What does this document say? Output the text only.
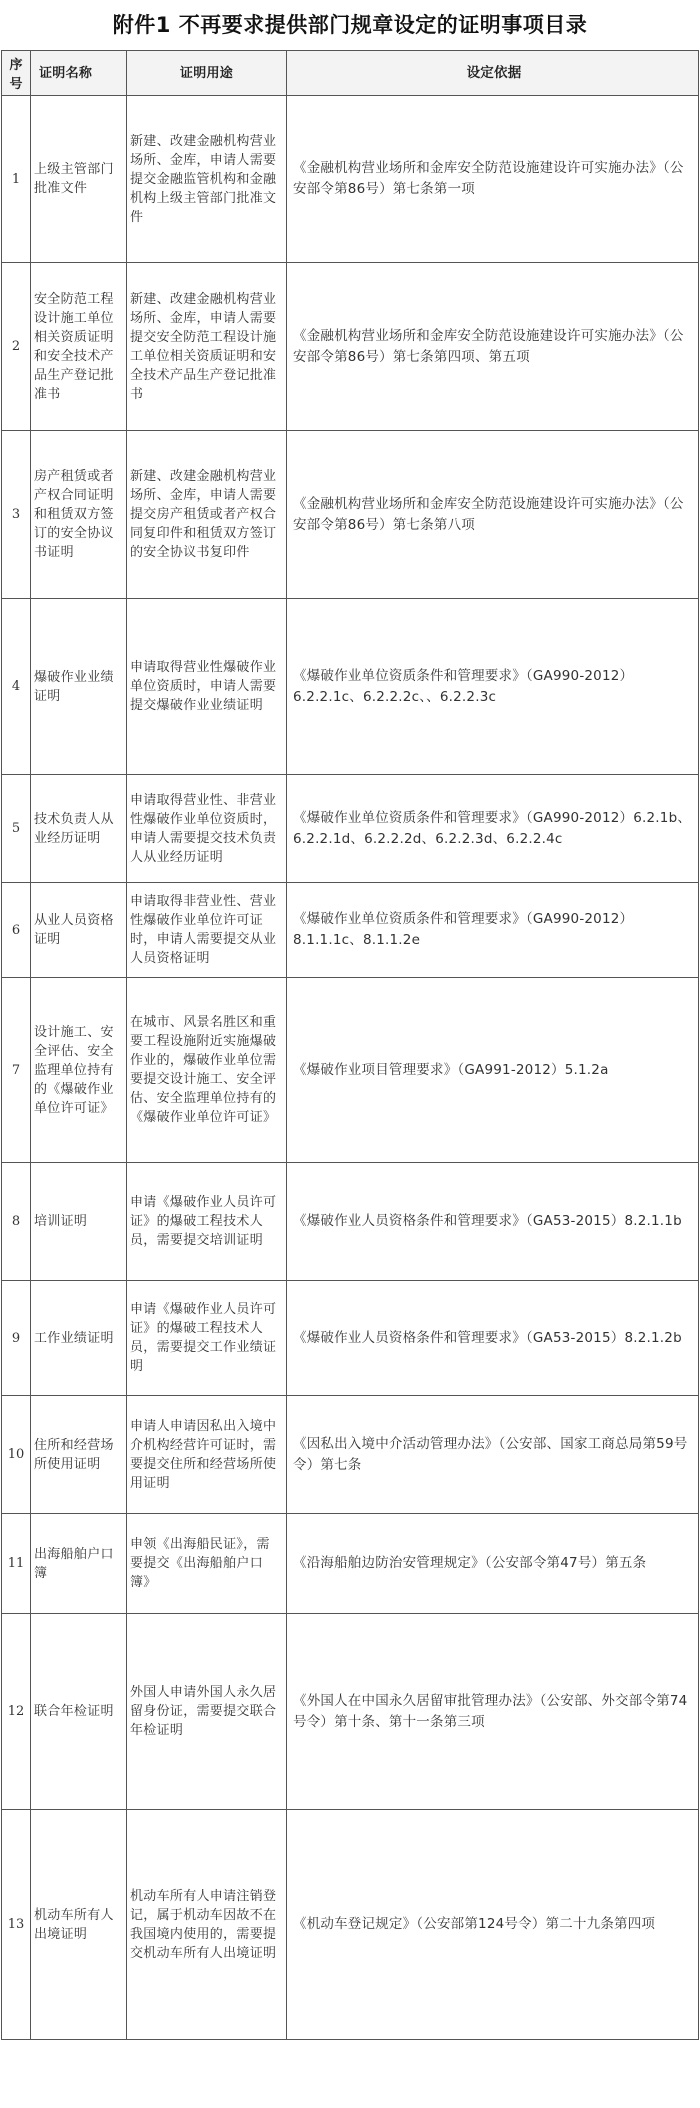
附件1 不再要求提供部门规章设定的证明事项目录
序号	证明名称	证明用途	设定依据
1	上级主管部门批准文件	新建、改建金融机构营业场所、金库，申请人需要提交金融监管机构和金融机构上级主管部门批准文件	《金融机构营业场所和金库安全防范设施建设许可实施办法》（公安部令第86号）第七条第一项
2	安全防范工程设计施工单位相关资质证明和安全技术产品生产登记批准书	新建、改建金融机构营业场所、金库，申请人需要提交安全防范工程设计施工单位相关资质证明和安全技术产品生产登记批准书	《金融机构营业场所和金库安全防范设施建设许可实施办法》（公安部令第86号）第七条第四项、第五项
3	房产租赁或者产权合同证明和租赁双方签订的安全协议书证明	新建、改建金融机构营业场所、金库，申请人需要提交房产租赁或者产权合同复印件和租赁双方签订的安全协议书复印件	《金融机构营业场所和金库安全防范设施建设许可实施办法》（公安部令第86号）第七条第八项
4	爆破作业业绩证明	申请取得营业性爆破作业单位资质时，申请人需要提交爆破作业业绩证明	《爆破作业单位资质条件和管理要求》（GA990-2012）6.2.2.1c、6.2.2.2c、、6.2.2.3c
5	技术负责人从业经历证明	申请取得营业性、非营业性爆破作业单位资质时，申请人需要提交技术负责人从业经历证明	《爆破作业单位资质条件和管理要求》（GA990-2012）6.2.1b、6.2.2.1d、6.2.2.2d、6.2.2.3d、6.2.2.4c
6	从业人员资格证明	申请取得非营业性、营业性爆破作业单位许可证时，申请人需要提交从业人员资格证明	《爆破作业单位资质条件和管理要求》（GA990-2012）8.1.1.1c、8.1.1.2e
7	设计施工、安全评估、安全监理单位持有的《爆破作业单位许可证》	在城市、风景名胜区和重要工程设施附近实施爆破作业的，爆破作业单位需要提交设计施工、安全评估、安全监理单位持有的《爆破作业单位许可证》	《爆破作业项目管理要求》（GA991-2012）5.1.2a
8	培训证明	申请《爆破作业人员许可证》的爆破工程技术人员，需要提交培训证明	《爆破作业人员资格条件和管理要求》（GA53-2015）8.2.1.1b
9	工作业绩证明	申请《爆破作业人员许可证》的爆破工程技术人员，需要提交工作业绩证明	《爆破作业人员资格条件和管理要求》（GA53-2015）8.2.1.2b
10	住所和经营场所使用证明	申请人申请因私出入境中介机构经营许可证时，需要提交住所和经营场所使用证明	《因私出入境中介活动管理办法》（公安部、国家工商总局第59号令）第七条
11	出海船舶户口簿	申领《出海船民证》，需要提交《出海船舶户口簿》	《沿海船舶边防治安管理规定》（公安部令第47号）第五条
12	联合年检证明	外国人申请外国人永久居留身份证，需要提交联合年检证明	《外国人在中国永久居留审批管理办法》（公安部、外交部令第74号令）第十条、第十一条第三项
13	机动车所有人出境证明	机动车所有人申请注销登记，属于机动车因故不在我国境内使用的，需要提交机动车所有人出境证明	《机动车登记规定》（公安部第124号令）第二十九条第四项
